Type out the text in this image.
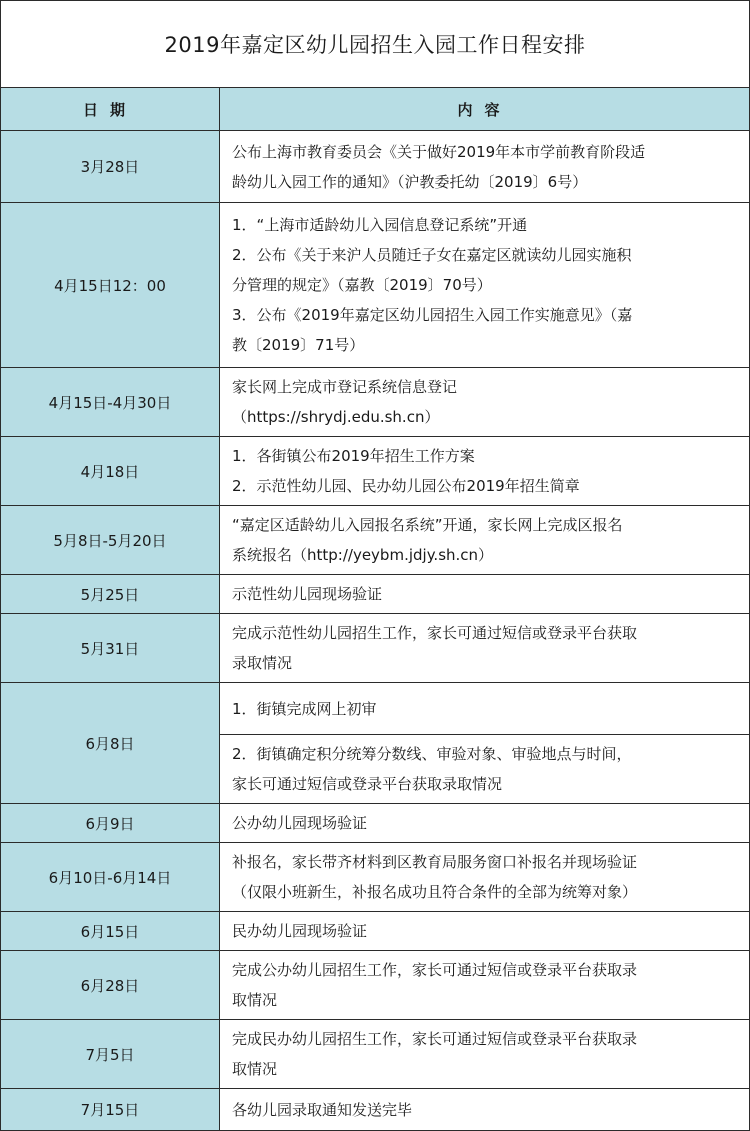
2019年嘉定区幼儿园招生入园工作日程安排	
日期	内容
3月28日	公布上海市教育委员会《关于做好2019年本市学前教育阶段适
龄幼儿入园工作的通知》（沪教委托幼〔2019〕6号）

4月15日12：00	1．“上海市适龄幼儿入园信息登记系统”开通
2．公布《关于来沪人员随迁子女在嘉定区就读幼儿园实施积
分管理的规定》（嘉教〔2019〕70号）
3．公布《2019年嘉定区幼儿园招生入园工作实施意见》（嘉
教〔2019〕71号）

4月15日-4月30日	家长网上完成市登记系统信息登记
（https://shrydj.edu.sh.cn）

4月18日	1．各街镇公布2019年招生工作方案
2．示范性幼儿园、民办幼儿园公布2019年招生简章

5月8日-5月20日	“嘉定区适龄幼儿入园报名系统”开通，家长网上完成区报名
系统报名（http://yeybm.jdjy.sh.cn）

5月25日	示范性幼儿园现场验证

5月31日	完成示范性幼儿园招生工作，家长可通过短信或登录平台获取
录取情况

6月8日	1．街镇完成网上初审

	2．街镇确定积分统筹分数线、审验对象、审验地点与时间，
家长可通过短信或登录平台获取录取情况

6月9日	公办幼儿园现场验证

6月10日-6月14日	补报名，家长带齐材料到区教育局服务窗口补报名并现场验证
（仅限小班新生，补报名成功且符合条件的全部为统筹对象）

6月15日	民办幼儿园现场验证

6月28日	完成公办幼儿园招生工作，家长可通过短信或登录平台获取录
取情况

7月5日	完成民办幼儿园招生工作，家长可通过短信或登录平台获取录
取情况

7月15日	各幼儿园录取通知发送完毕
